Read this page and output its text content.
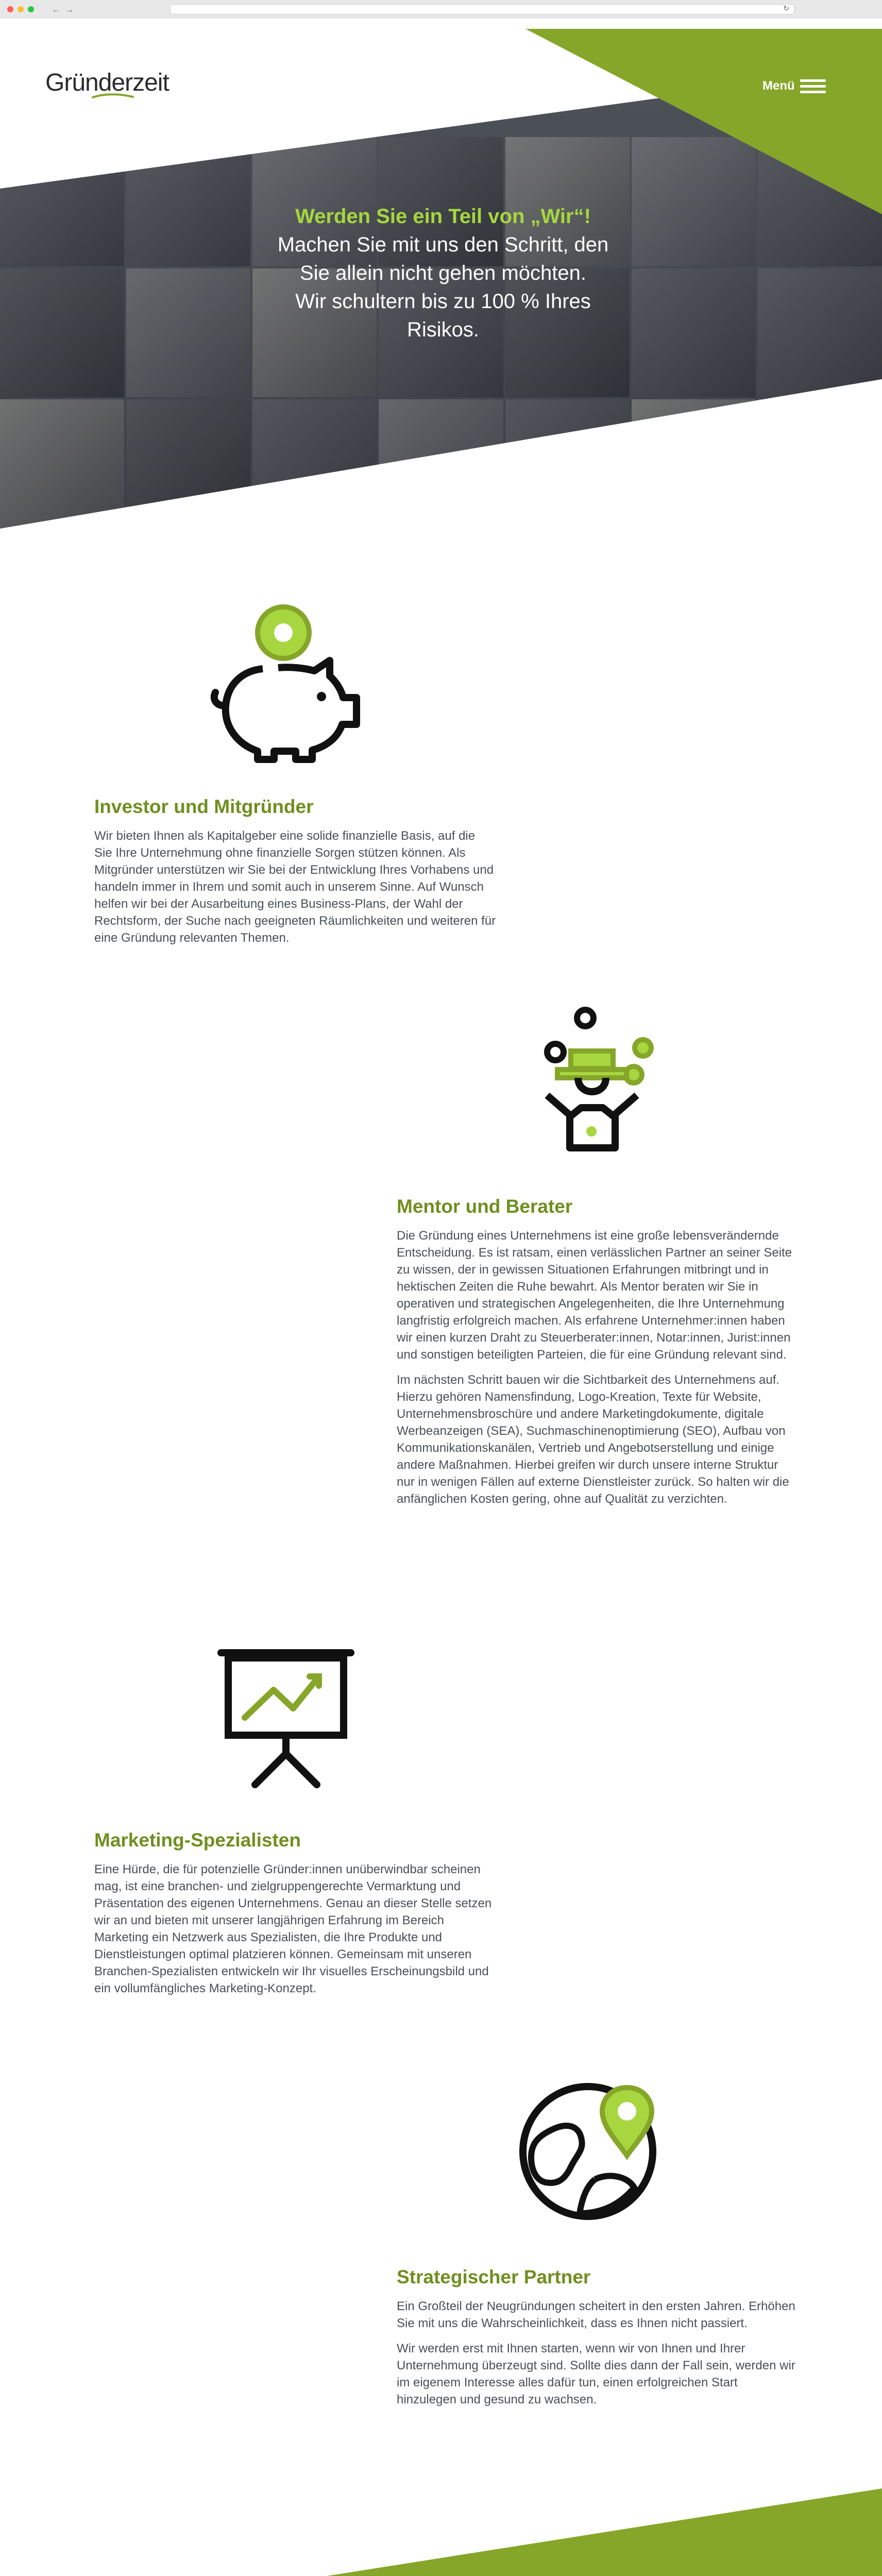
← →	↻
Gründerzeit	Menü
Werden Sie ein Teil von „Wir“!
Machen Sie mit uns den Schritt, den
Sie allein nicht gehen möchten.
Wir schultern bis zu 100 % Ihres
Risikos.
Investor und Mitgründer

Wir bieten Ihnen als Kapitalgeber eine solide finanzielle Basis, auf die Sie Ihre Unternehmung ohne finanzielle Sorgen stützen können. Als Mitgründer unterstützen wir Sie bei der Entwicklung Ihres Vorhabens und handeln immer in Ihrem und somit auch in unserem Sinne. Auf Wunsch helfen wir bei der Ausarbeitung eines Business-Plans, der Wahl der Rechtsform, der Suche nach geeigneten Räumlichkeiten und weiteren für eine Gründung relevanten Themen.

Mentor und Berater

Die Gründung eines Unternehmens ist eine große lebensverändernde Entscheidung. Es ist ratsam, einen verlässlichen Partner an seiner Seite zu wissen, der in gewissen Situationen Erfahrungen mitbringt und in hektischen Zeiten die Ruhe bewahrt. Als Mentor beraten wir Sie in operativen und strategischen Angelegenheiten, die Ihre Unternehmung langfristig erfolgreich machen. Als erfahrene Unternehmer:innen haben wir einen kurzen Draht zu Steuerberater:innen, Notar:innen, Jurist:innen und sonstigen beteiligten Parteien, die für eine Gründung relevant sind.

Im nächsten Schritt bauen wir die Sichtbarkeit des Unternehmens auf. Hierzu gehören Namensfindung, Logo-Kreation, Texte für Website, Unternehmensbroschüre und andere Marketingdokumente, digitale Werbeanzeigen (SEA), Suchmaschinenoptimierung (SEO), Aufbau von Kommunikationskanälen, Vertrieb und Angebotserstellung und einige andere Maßnahmen. Hierbei greifen wir durch unsere interne Struktur nur in wenigen Fällen auf externe Dienstleister zurück. So halten wir die anfänglichen Kosten gering, ohne auf Qualität zu verzichten.

Marketing-Spezialisten

Eine Hürde, die für potenzielle Gründer:innen unüberwindbar scheinen mag, ist eine branchen- und zielgruppengerechte Vermarktung und Präsentation des eigenen Unternehmens. Genau an dieser Stelle setzen wir an und bieten mit unserer langjährigen Erfahrung im Bereich Marketing ein Netzwerk aus Spezialisten, die Ihre Produkte und Dienstleistungen optimal platzieren können. Gemeinsam mit unseren Branchen-Spezialisten entwickeln wir Ihr visuelles Erscheinungsbild und ein vollumfängliches Marketing-Konzept.

Strategischer Partner

Ein Großteil der Neugründungen scheitert in den ersten Jahren. Erhöhen Sie mit uns die Wahrscheinlichkeit, dass es Ihnen nicht passiert.

Wir werden erst mit Ihnen starten, wenn wir von Ihnen und Ihrer Unternehmung überzeugt sind. Sollte dies dann der Fall sein, werden wir im eigenem Interesse alles dafür tun, einen erfolgreichen Start hinzulegen und gesund zu wachsen.
